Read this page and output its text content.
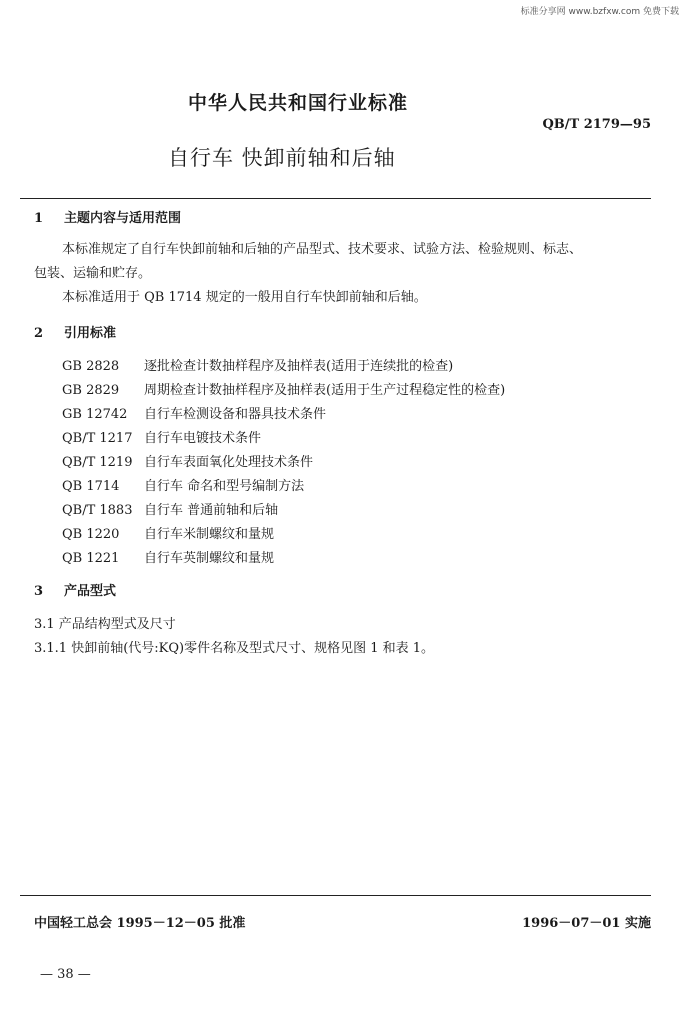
标准分享网 www.bzfxw.com 免费下载
中华人民共和国行业标准
QB/T 2179—95
自行车 快卸前轴和后轴
1 主题内容与适用范围
本标准规定了自行车快卸前轴和后轴的产品型式、技术要求、试验方法、检验规则、标志、
包装、运输和贮存。
本标准适用于 QB 1714 规定的一般用自行车快卸前轴和后轴。
2 引用标准
GB 2828 逐批检查计数抽样程序及抽样表(适用于连续批的检查)
GB 2829 周期检查计数抽样程序及抽样表(适用于生产过程稳定性的检查)
GB 12742 自行车检测设备和器具技术条件
QB/T 1217 自行车电镀技术条件
QB/T 1219 自行车表面氧化处理技术条件
QB 1714 自行车 命名和型号编制方法
QB/T 1883 自行车 普通前轴和后轴
QB 1220 自行车米制螺纹和量规
QB 1221 自行车英制螺纹和量规
3 产品型式
3.1 产品结构型式及尺寸
3.1.1 快卸前轴(代号:KQ)零件名称及型式尺寸、规格见图 1 和表 1。
中国轻工总会 1995－12－05 批准	1996－07－01 实施
— 38 —
